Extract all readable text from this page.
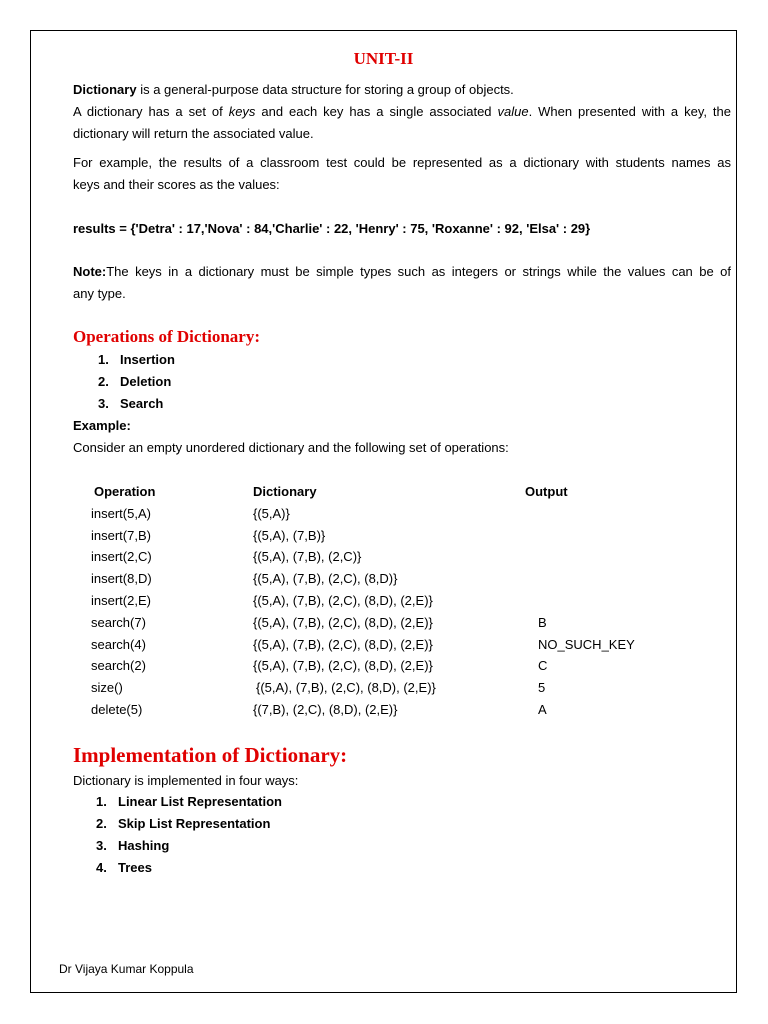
UNIT-II
Dictionary is a general-purpose data structure for storing a group of objects.
A dictionary has a set of keys and each key has a single associated value. When presented with a key, the
dictionary will return the associated value.
For example, the results of a classroom test could be represented as a dictionary with students names as
keys and their scores as the values:
results = {'Detra' : 17,'Nova' : 84,'Charlie' : 22, 'Henry' : 75, 'Roxanne' : 92, 'Elsa' : 29}
Note:The keys in a dictionary must be simple types such as integers or strings while the values can be of
any type.
Operations of Dictionary:
1. Insertion
2. Deletion
3. Search
Example:
Consider an empty unordered dictionary and the following set of operations:
Operation	Dictionary	Output
insert(5,A)	{(5,A)}
insert(7,B)	{(5,A), (7,B)}
insert(2,C)	{(5,A), (7,B), (2,C)}
insert(8,D)	{(5,A), (7,B), (2,C), (8,D)}
insert(2,E)	{(5,A), (7,B), (2,C), (8,D), (2,E)}
search(7)	{(5,A), (7,B), (2,C), (8,D), (2,E)}	B
search(4)	{(5,A), (7,B), (2,C), (8,D), (2,E)}	NO_SUCH_KEY
search(2)	{(5,A), (7,B), (2,C), (8,D), (2,E)}	C
size()	{(5,A), (7,B), (2,C), (8,D), (2,E)}	5
delete(5)	{(7,B), (2,C), (8,D), (2,E)}	A
Implementation of Dictionary:
Dictionary is implemented in four ways:
1. Linear List Representation
2. Skip List Representation
3. Hashing
4. Trees
Dr Vijaya Kumar Koppula
